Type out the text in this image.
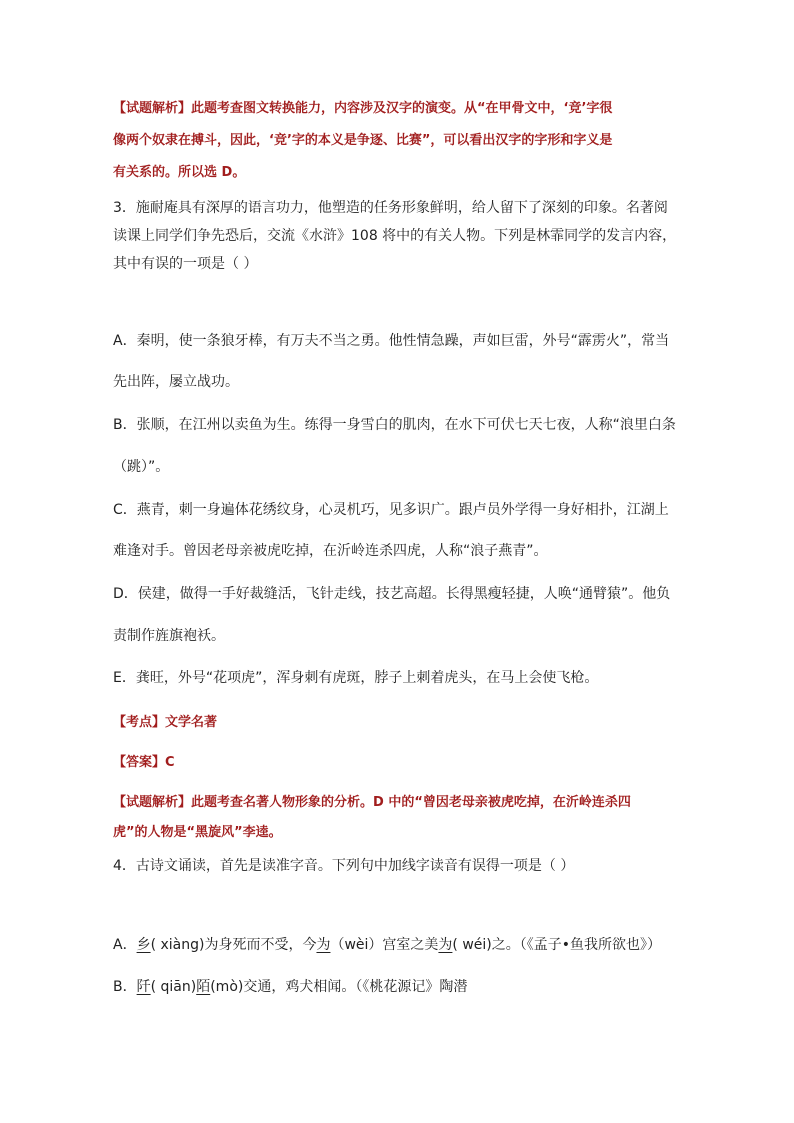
【试题解析】此题考查图文转换能力，内容涉及汉字的演变。从“在甲骨文中，‘竞’字很
像两个奴隶在搏斗，因此，‘竞’字的本义是争逐、比赛”，可以看出汉字的字形和字义是
有关系的。所以选 D。
3．施耐庵具有深厚的语言功力，他塑造的任务形象鲜明，给人留下了深刻的印象。名著阅
读课上同学们争先恐后，交流《水浒》108 将中的有关人物。下列是林霏同学的发言内容，
其中有误的一项是（ ）
A．秦明，使一条狼牙棒，有万夫不当之勇。他性情急躁，声如巨雷，外号“霹雳火”，常当
先出阵，屡立战功。
B．张顺，在江州以卖鱼为生。练得一身雪白的肌肉，在水下可伏七天七夜，人称“浪里白条
（跳）”。
C．燕青，刺一身遍体花绣纹身，心灵机巧，见多识广。跟卢员外学得一身好相扑，江湖上
难逢对手。曾因老母亲被虎吃掉，在沂岭连杀四虎，人称“浪子燕青”。
D．侯建，做得一手好裁缝活，飞针走线，技艺高超。长得黑瘦轻捷，人唤“通臂猿”。他负
责制作旌旗袍袄。
E．龚旺，外号“花项虎”，浑身刺有虎斑，脖子上刺着虎头，在马上会使飞枪。
【考点】文学名著
【答案】C
【试题解析】此题考查名著人物形象的分析。D 中的“曾因老母亲被虎吃掉，在沂岭连杀四
虎”的人物是“黑旋风”李逵。
4．古诗文诵读，首先是读准字音。下列句中加线字读音有误得一项是（ ）
A．乡( xiàng)为身死而不受，今为（wèi）宫室之美为( wéi)之。（《孟子•鱼我所欲也》）
B．阡( qiān)陌(mò)交通，鸡犬相闻。（《桃花源记》陶潜
